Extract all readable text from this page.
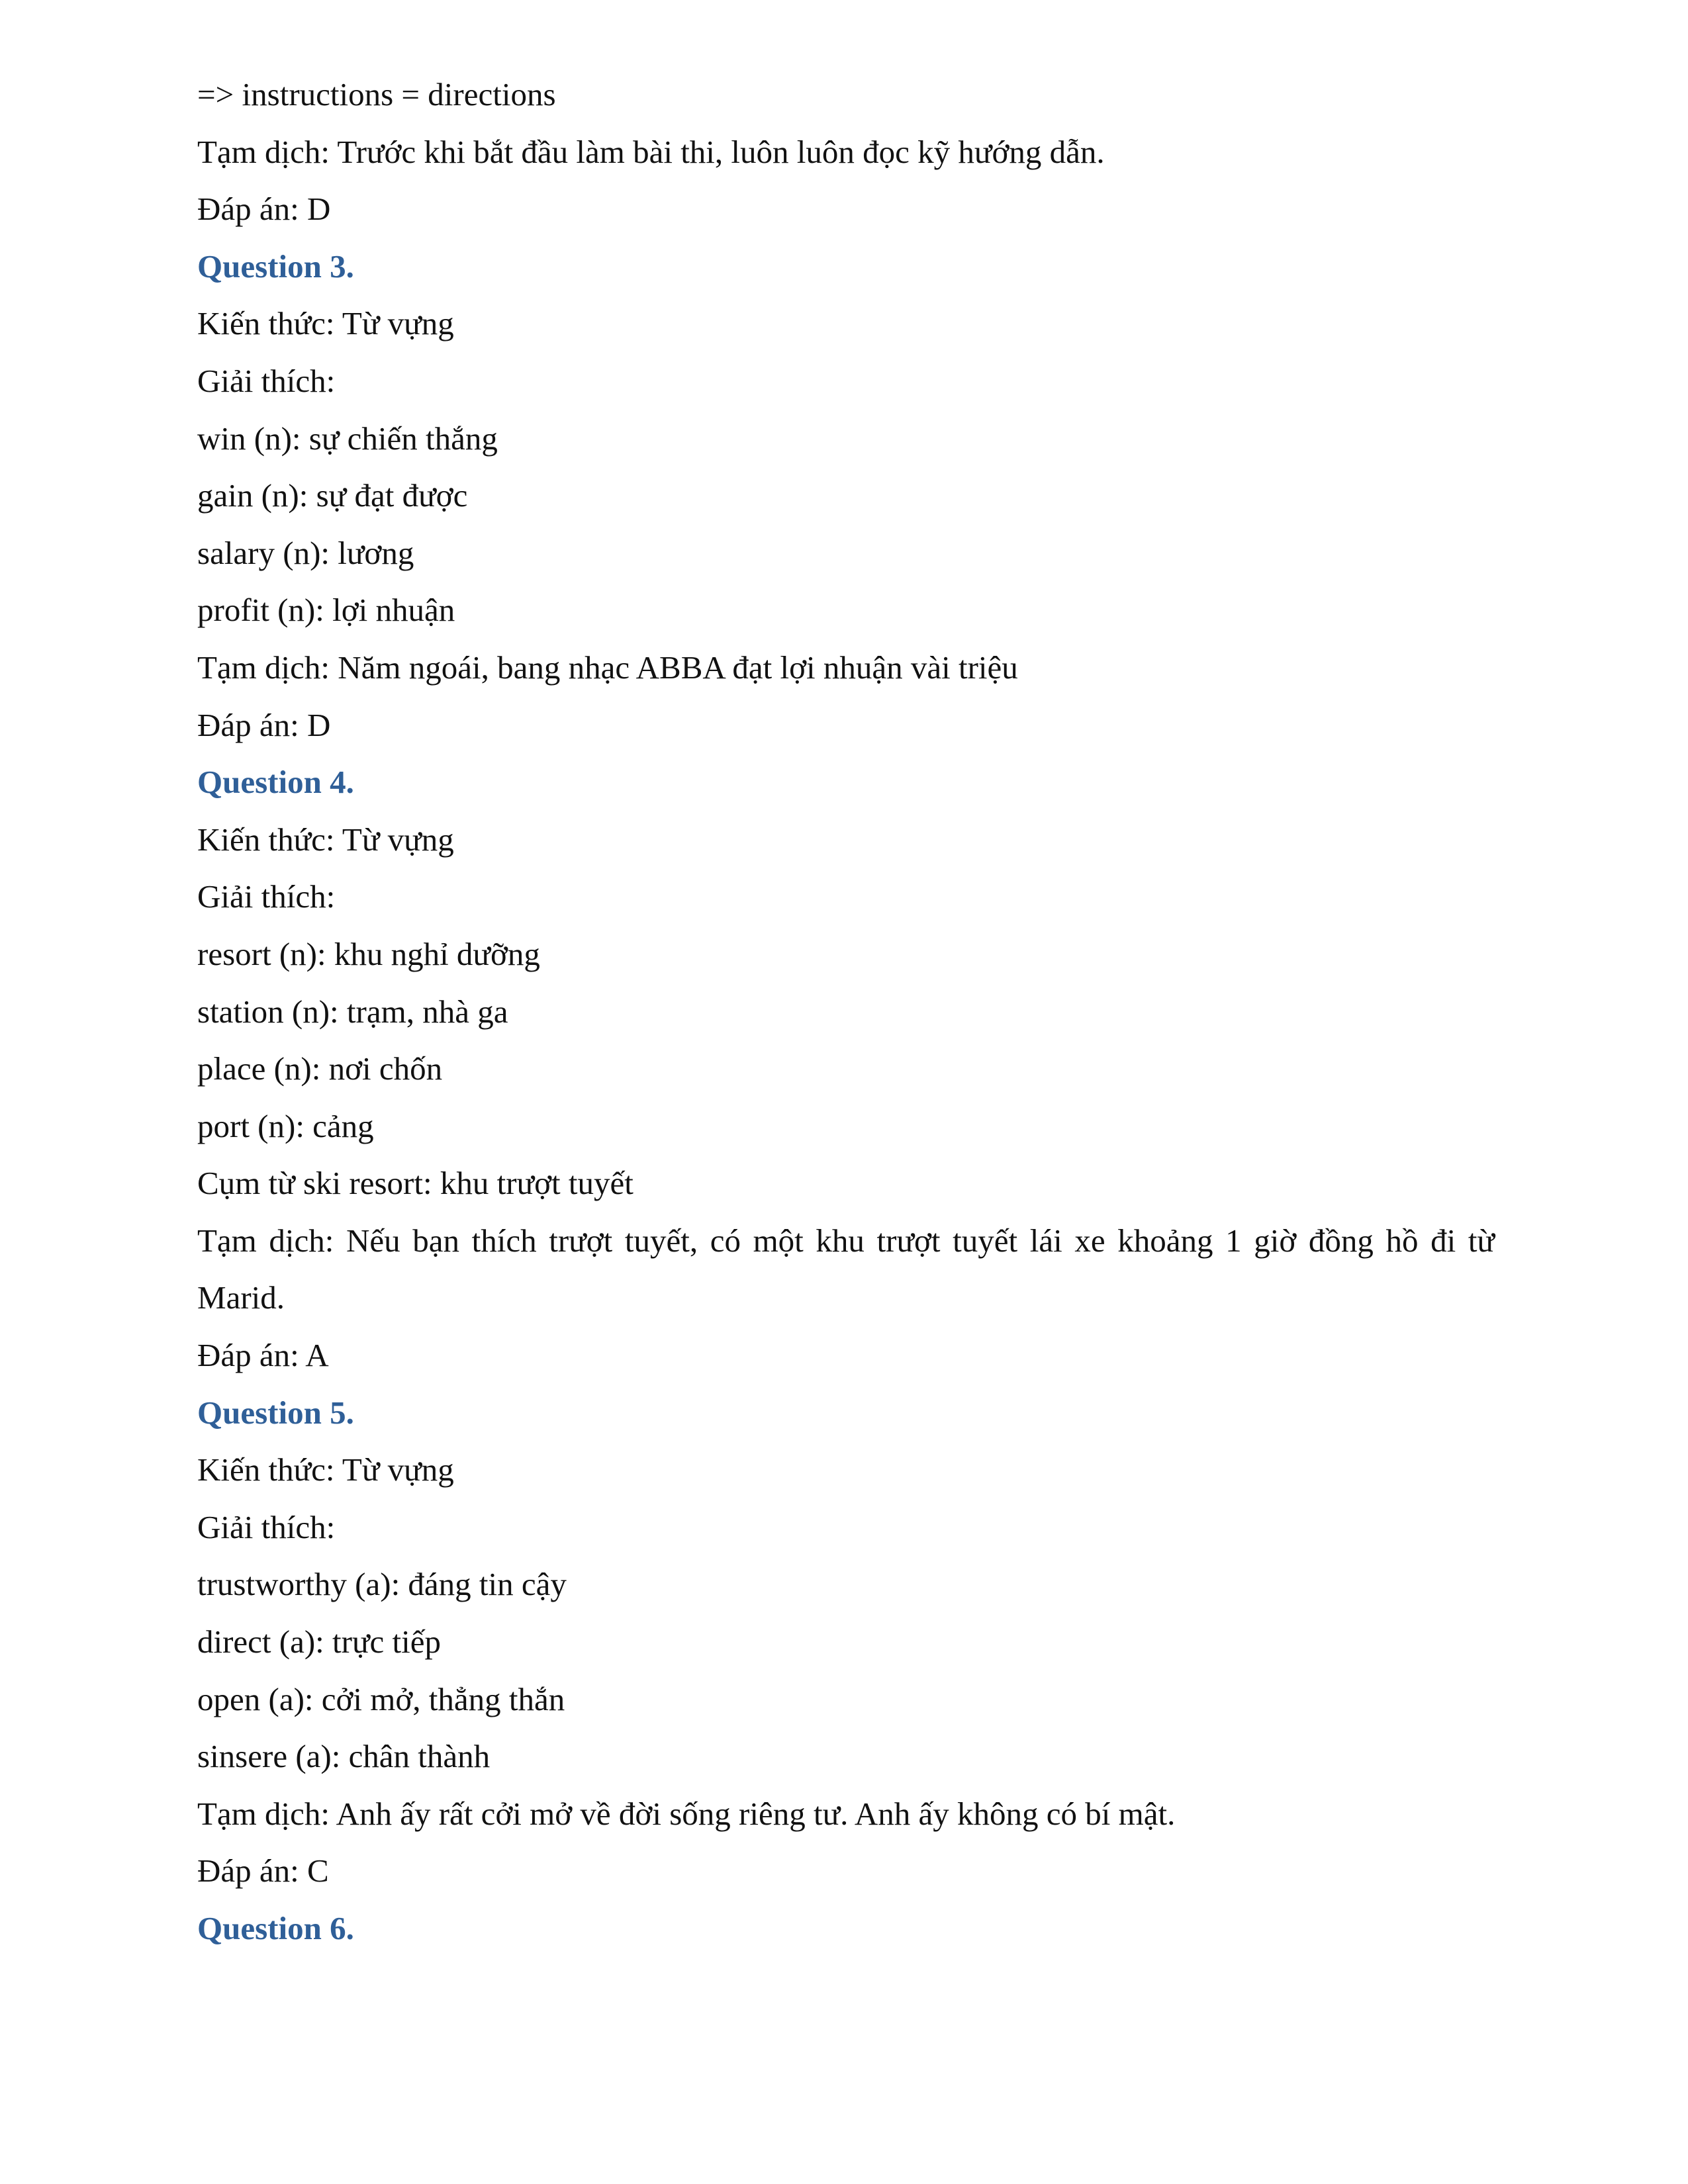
=> instructions = directions
Tạm dịch: Trước khi bắt đầu làm bài thi, luôn luôn đọc kỹ hướng dẫn.
Đáp án: D
Question 3.
Kiến thức: Từ vựng
Giải thích:
win (n): sự chiến thắng
gain (n): sự đạt được
salary (n): lương
profit (n): lợi nhuận
Tạm dịch: Năm ngoái, bang nhạc ABBA đạt lợi nhuận vài triệu
Đáp án: D
Question 4.
Kiến thức: Từ vựng
Giải thích:
resort (n): khu nghỉ dưỡng
station (n): trạm, nhà ga
place (n): nơi chốn
port (n): cảng
Cụm từ ski resort: khu trượt tuyết
Tạm dịch: Nếu bạn thích trượt tuyết, có một khu trượt tuyết lái xe khoảng 1 giờ đồng hồ đi từ Marid.
Đáp án: A
Question 5.
Kiến thức: Từ vựng
Giải thích:
trustworthy (a): đáng tin cậy
direct (a): trực tiếp
open (a): cởi mở, thẳng thắn
sinsere (a): chân thành
Tạm dịch: Anh ấy rất cởi mở về đời sống riêng tư. Anh ấy không có bí mật.
Đáp án: C
Question 6.
